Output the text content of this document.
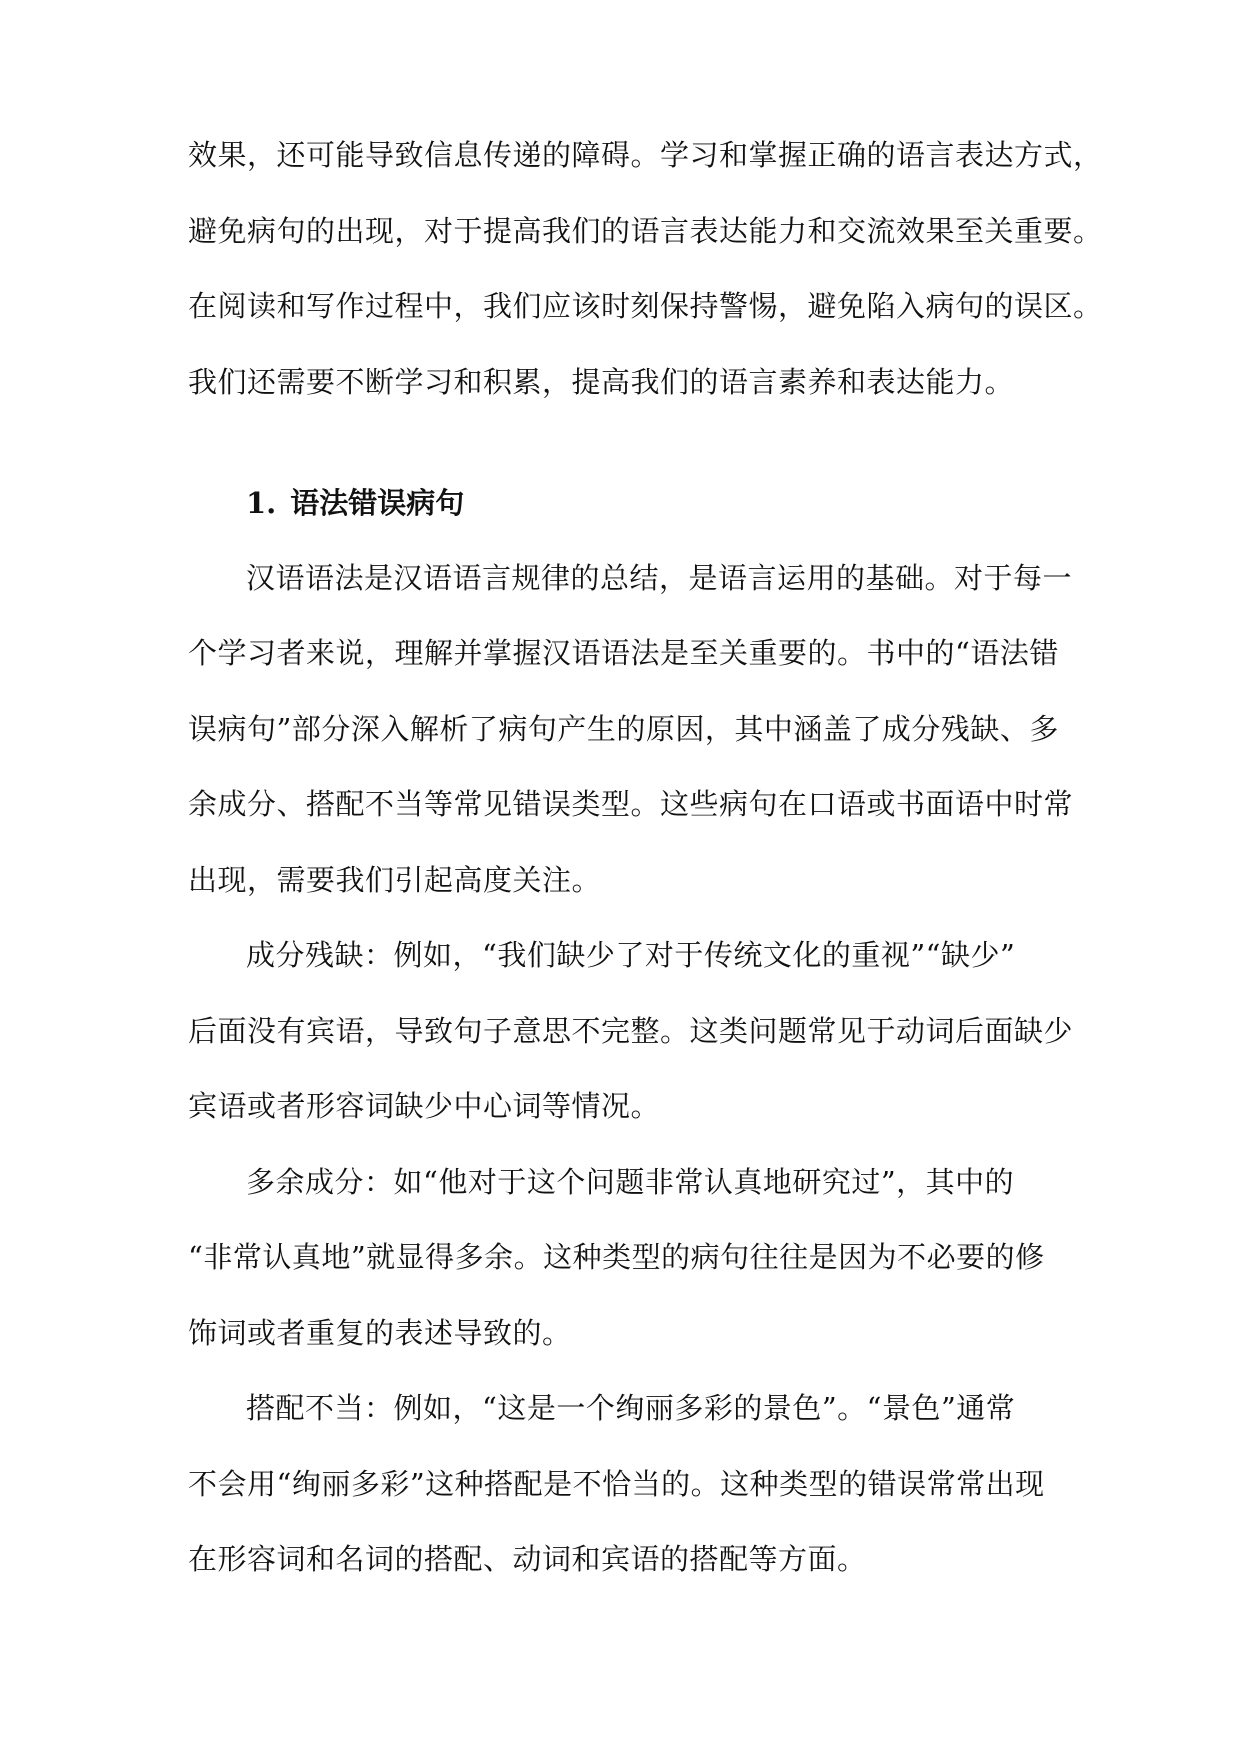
效果，还可能导致信息传递的障碍。学习和掌握正确的语言表达方式，
避免病句的出现，对于提高我们的语言表达能力和交流效果至关重要。
在阅读和写作过程中，我们应该时刻保持警惕，避免陷入病句的误区。
我们还需要不断学习和积累，提高我们的语言素养和表达能力。
1. 语法错误病句
汉语语法是汉语语言规律的总结，是语言运用的基础。对于每一
个学习者来说，理解并掌握汉语语法是至关重要的。书中的“语法错
误病句”部分深入解析了病句产生的原因，其中涵盖了成分残缺、多
余成分、搭配不当等常见错误类型。这些病句在口语或书面语中时常
出现，需要我们引起高度关注。
成分残缺：例如，“我们缺少了对于传统文化的重视”“缺少”
后面没有宾语，导致句子意思不完整。这类问题常见于动词后面缺少
宾语或者形容词缺少中心词等情况。
多余成分：如“他对于这个问题非常认真地研究过”，其中的
“非常认真地”就显得多余。这种类型的病句往往是因为不必要的修
饰词或者重复的表述导致的。
搭配不当：例如，“这是一个绚丽多彩的景色”。“景色”通常
不会用“绚丽多彩”这种搭配是不恰当的。这种类型的错误常常出现
在形容词和名词的搭配、动词和宾语的搭配等方面。
